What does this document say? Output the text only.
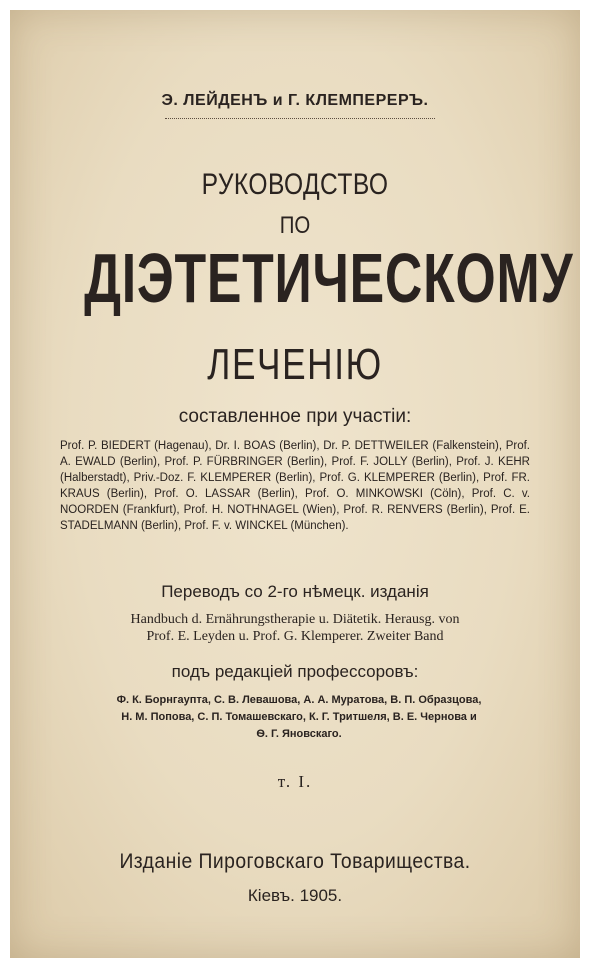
Э. ЛЕЙДЕНЪ и Г. КЛЕМПЕРЕРЪ.
РУКОВОДСТВО
ПО
ДІЭТЕТИЧЕСКОМУ
ЛЕЧЕНІЮ
составленное при участіи:
Prof. P. BIEDERT (Hagenau), Dr. I. BOAS (Berlin), Dr. P. DETTWEILER (Falkenstein), Prof. A. EWALD (Berlin), Prof. P. FÜRBRINGER (Berlin), Prof. F. JOLLY (Berlin), Prof. J. KEHR (Halberstadt), Priv.-Doz. F. KLEMPERER (Berlin), Prof. G. KLEMPERER (Berlin), Prof. FR. KRAUS (Berlin), Prof. O. LASSAR (Berlin), Prof. O. MINKOWSKI (Cöln), Prof. C. v. NOORDEN (Frankfurt), Prof. H. NOTHNAGEL (Wien), Prof. R. RENVERS (Berlin), Prof. E. STADELMANN (Berlin), Prof. F. v. WINCKEL (München).
Переводъ со 2-го нѣмецк. изданія
Handbuch d. Ernährungstherapie u. Diätetik. Herausg. von
Prof. E. Leyden u. Prof. G. Klemperer. Zweiter Band
подъ редакціей профессоровъ:
Ф. К. Борнгаупта, С. В. Левашова, А. А. Муратова, В. П. Образцова,
Н. М. Попова, С. П. Томашевскаго, К. Г. Тритшеля, В. Е. Чернова и
Ѳ. Г. Яновскаго.
т. I.
Изданіе Пироговскаго Товарищества.
Кіевъ. 1905.
